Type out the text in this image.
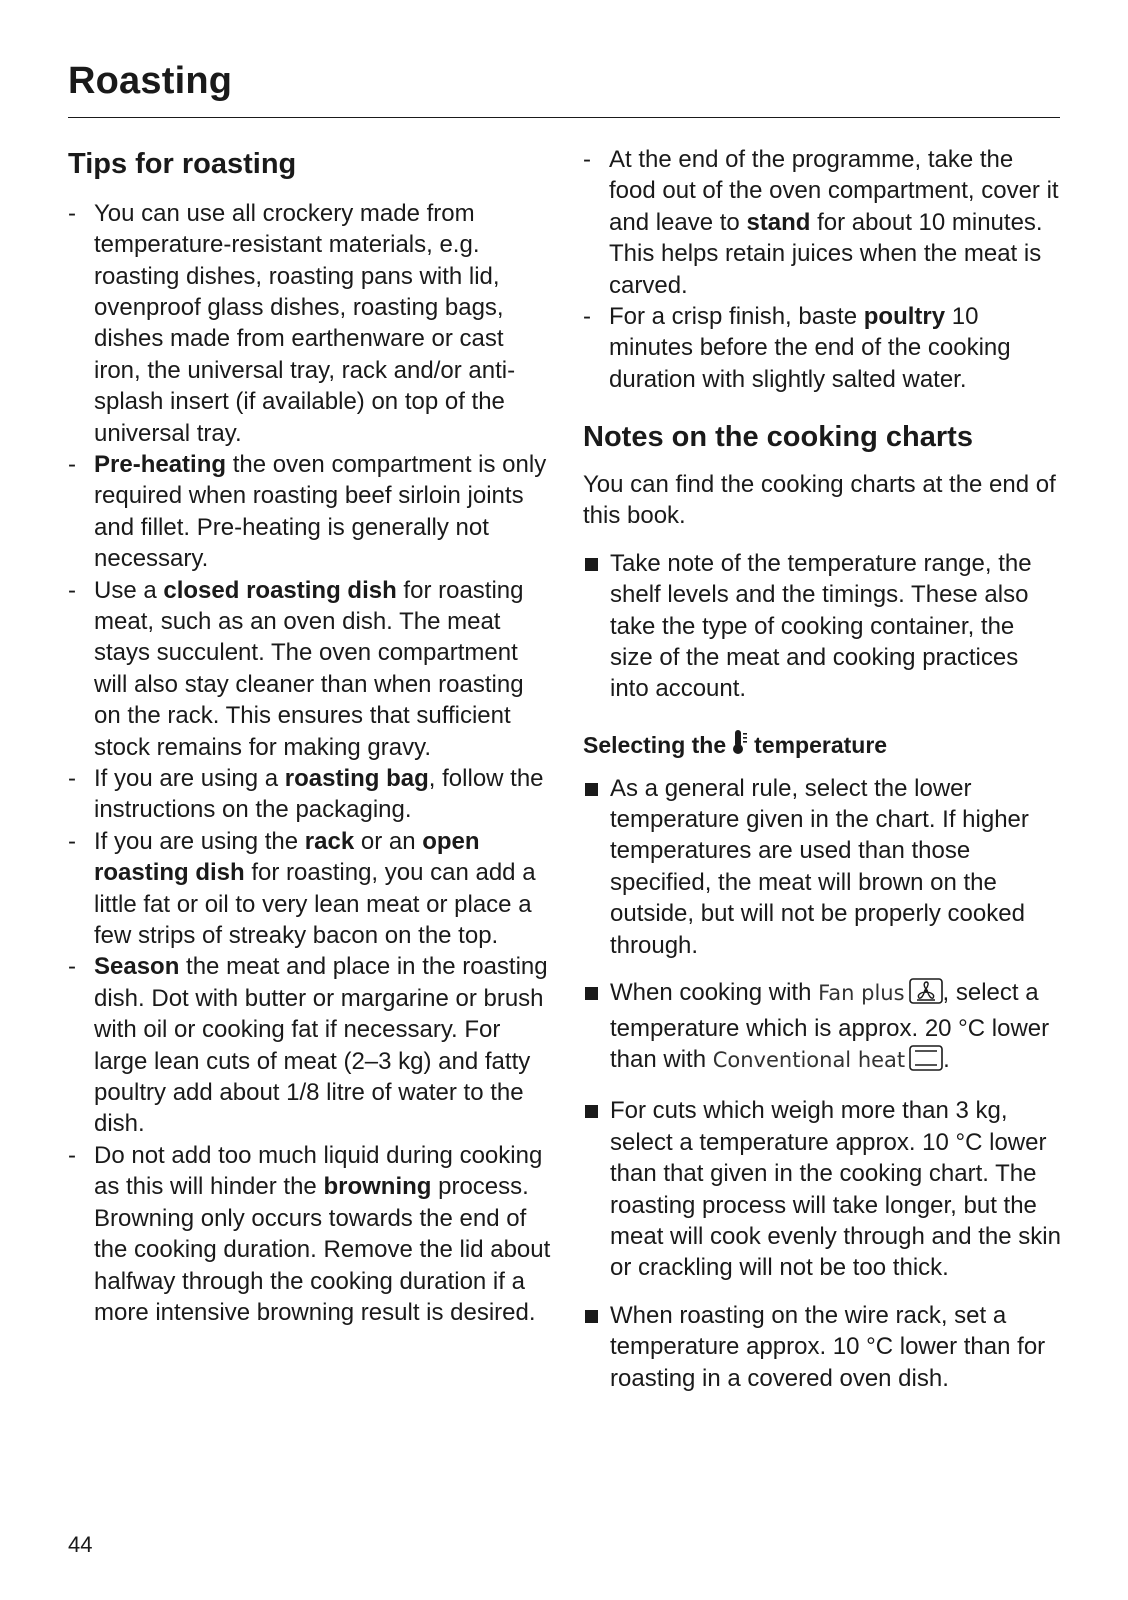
Roasting
Tips for roasting
- You can use all crockery made from temperature-resistant materials, e.g. roasting dishes, roasting pans with lid, ovenproof glass dishes, roasting bags, dishes made from earthenware or cast iron, the universal tray, rack and/or anti-splash insert (if available) on top of the universal tray.
- Pre-heating the oven compartment is only required when roasting beef sirloin joints and fillet. Pre-heating is generally not necessary.
- Use a closed roasting dish for roasting meat, such as an oven dish. The meat stays succulent. The oven compartment will also stay cleaner than when roasting on the rack. This ensures that sufficient stock remains for making gravy.
- If you are using a roasting bag, follow the instructions on the packaging.
- If you are using the rack or an open roasting dish for roasting, you can add a little fat or oil to very lean meat or place a few strips of streaky bacon on the top.
- Season the meat and place in the roasting dish. Dot with butter or margarine or brush with oil or cooking fat if necessary. For large lean cuts of meat (2–3 kg) and fatty poultry add about 1/8 litre of water to the dish.
- Do not add too much liquid during cooking as this will hinder the browning process. Browning only occurs towards the end of the cooking duration. Remove the lid about halfway through the cooking duration if a more intensive browning result is desired.
- At the end of the programme, take the food out of the oven compartment, cover it and leave to stand for about 10 minutes. This helps retain juices when the meat is carved.
- For a crisp finish, baste poultry 10 minutes before the end of the cooking duration with slightly salted water.
Notes on the cooking charts

You can find the cooking charts at the end of this book.

Take note of the temperature range, the shelf levels and the timings. These also take the type of cooking container, the size of the meat and cooking practices into account.
Selecting the temperature
As a general rule, select the lower temperature given in the chart. If higher temperatures are used than those specified, the meat will brown on the outside, but will not be properly cooked through.
When cooking with Fan plus , select a temperature which is approx. 20 °C lower than with Conventional heat .
For cuts which weigh more than 3 kg, select a temperature approx. 10 °C lower than that given in the cooking chart. The roasting process will take longer, but the meat will cook evenly through and the skin or crackling will not be too thick.
When roasting on the wire rack, set a temperature approx. 10 °C lower than for roasting in a covered oven dish.
44
